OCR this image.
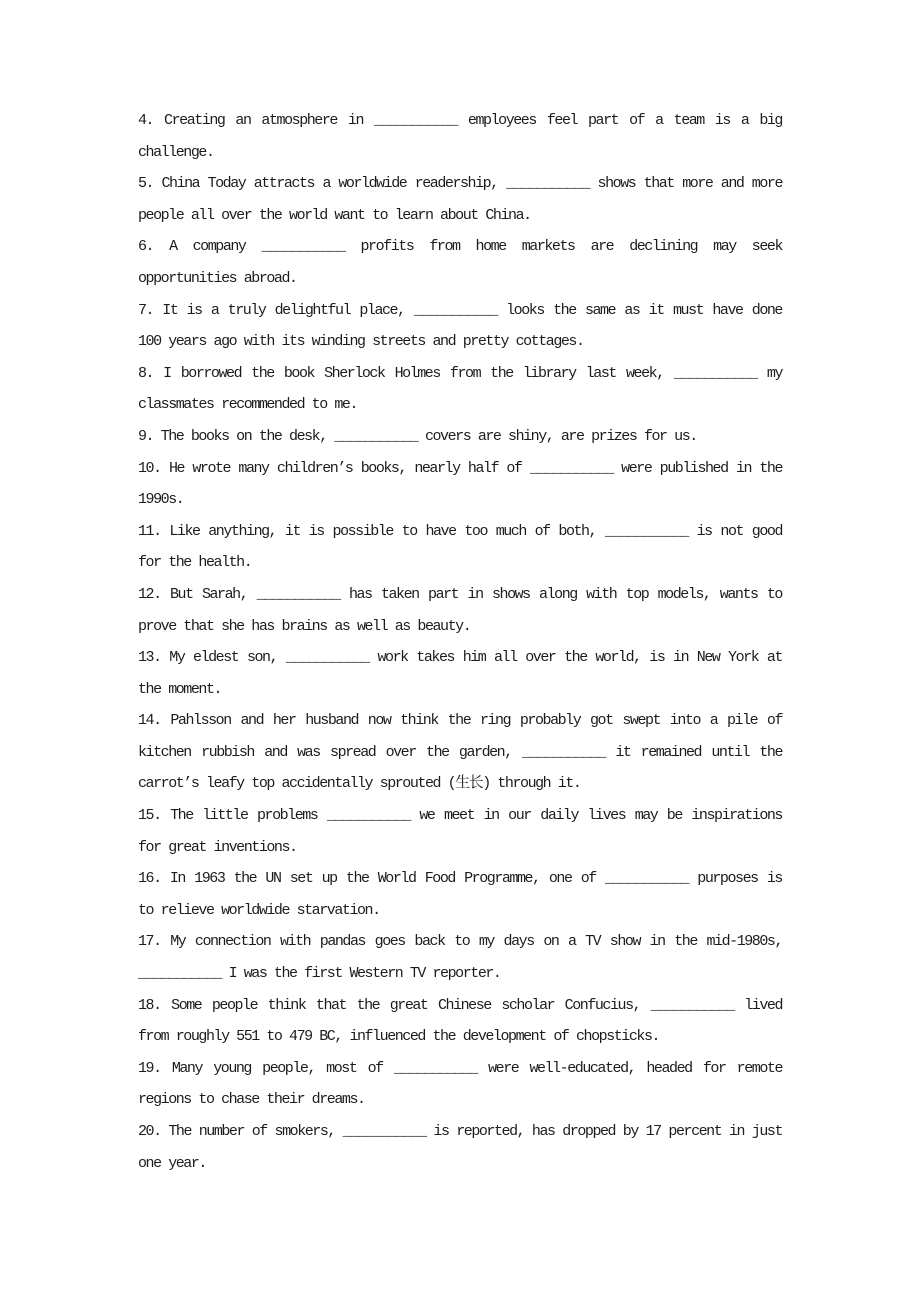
4. Creating an atmosphere in ___________ employees feel part of a team is a big
challenge.
5. China Today attracts a worldwide readership, ___________ shows that more and more
people all over the world want to learn about China.
6. A company ___________ profits from home markets are declining may seek
opportunities abroad.
7. It is a truly delightful place, ___________ looks the same as it must have done
100 years ago with its winding streets and pretty cottages.
8. I borrowed the book Sherlock Holmes from the library last week, ___________ my
classmates recommended to me.
9. The books on the desk, ___________ covers are shiny, are prizes for us.
10. He wrote many children’s books, nearly half of ___________ were published in the
1990s.
11. Like anything, it is possible to have too much of both, ___________ is not good
for the health.
12. But Sarah, ___________ has taken part in shows along with top models, wants to
prove that she has brains as well as beauty.
13. My eldest son, ___________ work takes him all over the world, is in New York at
the moment.
14. Pahlsson and her husband now think the ring probably got swept into a pile of
kitchen rubbish and was spread over the garden, ___________ it remained until the
carrot’s leafy top accidentally sprouted (生长) through it.
15. The little problems ___________ we meet in our daily lives may be inspirations
for great inventions.
16. In 1963 the UN set up the World Food Programme, one of ___________ purposes is
to relieve worldwide starvation.
17. My connection with pandas goes back to my days on a TV show in the mid-1980s,
___________ I was the first Western TV reporter.
18. Some people think that the great Chinese scholar Confucius, ___________ lived
from roughly 551 to 479 BC, influenced the development of chopsticks.
19. Many young people, most of ___________ were well-educated, headed for remote
regions to chase their dreams.
20. The number of smokers, ___________ is reported, has dropped by 17 percent in just
one year.
